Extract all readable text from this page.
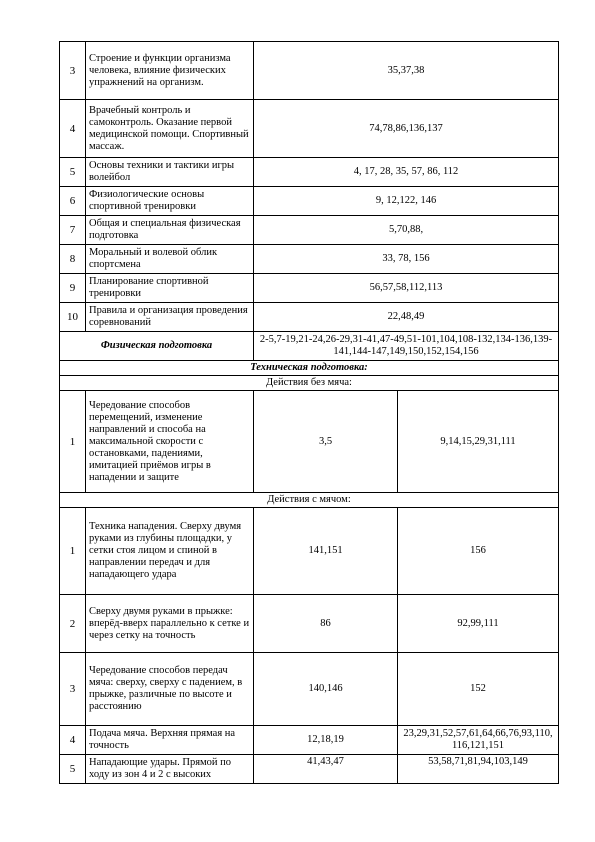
3	Строение и функции организма человека, влияние физических упражнений на организм.	35,37,38	
4	Врачебный контроль и самоконтроль. Оказание первой медицинской помощи. Спортивный массаж.	74,78,86,136,137	
5	Основы техники и тактики игры волейбол	4, 17, 28, 35, 57, 86, 112	
6	Физиологические основы спортивной тренировки	9, 12,122, 146	
7	Общая и специальная физическая подготовка	5,70,88,	
8	Моральный и волевой облик спортсмена	33, 78, 156	
9	Планирование спортивной тренировки	56,57,58,112,113	
10	Правила и организация проведения соревнований	22,48,49	
Физическая подготовка		2-5,7-19,21-24,26-29,31-41,47-49,51-101,104,108-132,134-136,139-141,144-147,149,150,152,154,156	
Техническая подготовка:			
Действия без мяча:			
1	Чередование способов перемещений, изменение направлений и способа на максимальной скорости с остановками, падениями, имитацией приёмов игры в нападении и защите	3,5	9,14,15,29,31,111
Действия с мячом:			
1	Техника нападения. Сверху двумя руками из глубины площадки, у сетки стоя лицом и спиной в направлении передач и для нападающего удара	141,151	156
2	Сверху двумя руками в прыжке: вперёд-вверх параллельно к сетке и через сетку на точность	86	92,99,111
3	Чередование способов передач мяча: сверху, сверху с падением, в прыжке, различные по высоте и расстоянию	140,146	152
4	Подача мяча. Верхняя прямая на точность	12,18,19	23,29,31,52,57,61,64,66,76,93,110,116,121,151
5	Нападающие удары. Прямой по ходу из зон 4 и 2 с высоких	41,43,47	53,58,71,81,94,103,149
